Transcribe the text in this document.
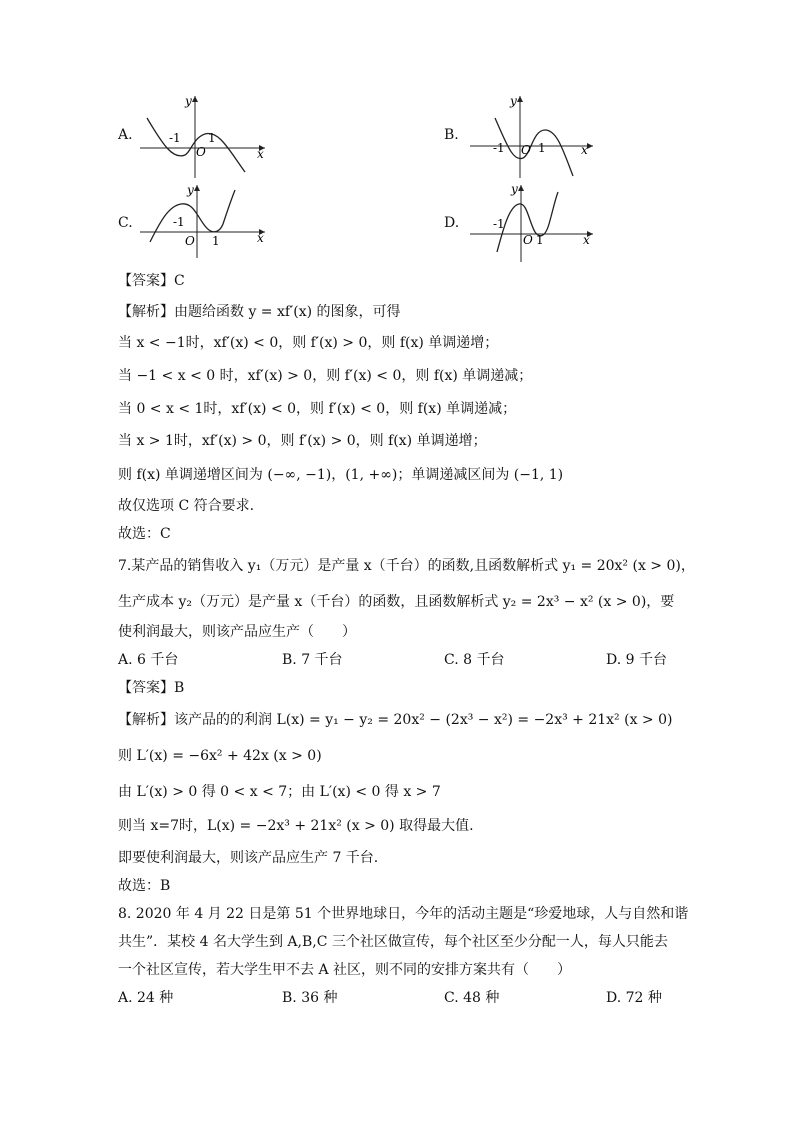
A.
y
x
O
-1 1	B.
y
x
O
-1	1
C.
y
x
O
-1
1
D.
y
x
O
-1
1
【答案】C
【解析】由题给函数 y = xf′(x) 的图象，可得
当 x < −1时，xf′(x) < 0，则 f′(x) > 0，则 f(x) 单调递增；
当 −1 < x < 0 时，xf′(x) > 0，则 f′(x) < 0，则 f(x) 单调递减；
当 0 < x < 1时，xf′(x) < 0，则 f′(x) < 0，则 f(x) 单调递减；
当 x > 1时，xf′(x) > 0，则 f′(x) > 0，则 f(x) 单调递增；
则 f(x) 单调递增区间为 (−∞, −1)，(1, +∞)；单调递减区间为 (−1, 1)
故仅选项 C 符合要求.
故选：C
7.某产品的销售收入 y₁（万元）是产量 x（千台）的函数,且函数解析式 y₁ = 20x² (x > 0)，
生产成本 y₂（万元）是产量 x（千台）的函数，且函数解析式 y₂ = 2x³ − x² (x > 0)，要
使利润最大，则该产品应生产（　　）
A. 6 千台	B. 7 千台	C. 8 千台	D. 9 千台
【答案】B
【解析】该产品的的利润 L(x) = y₁ − y₂ = 20x² − (2x³ − x²) = −2x³ + 21x² (x > 0)
则 L′(x) = −6x² + 42x (x > 0)
由 L′(x) > 0 得 0 < x < 7；由 L′(x) < 0 得 x > 7
则当 x=7时，L(x) = −2x³ + 21x² (x > 0) 取得最大值.
即要使利润最大，则该产品应生产 7 千台.
故选：B
8. 2020 年 4 月 22 日是第 51 个世界地球日，今年的活动主题是“珍爱地球，人与自然和谐
共生”．某校 4 名大学生到 A,B,C 三个社区做宣传，每个社区至少分配一人，每人只能去
一个社区宣传，若大学生甲不去 A 社区，则不同的安排方案共有（　　）
A. 24 种	B. 36 种	C. 48 种	D. 72 种
